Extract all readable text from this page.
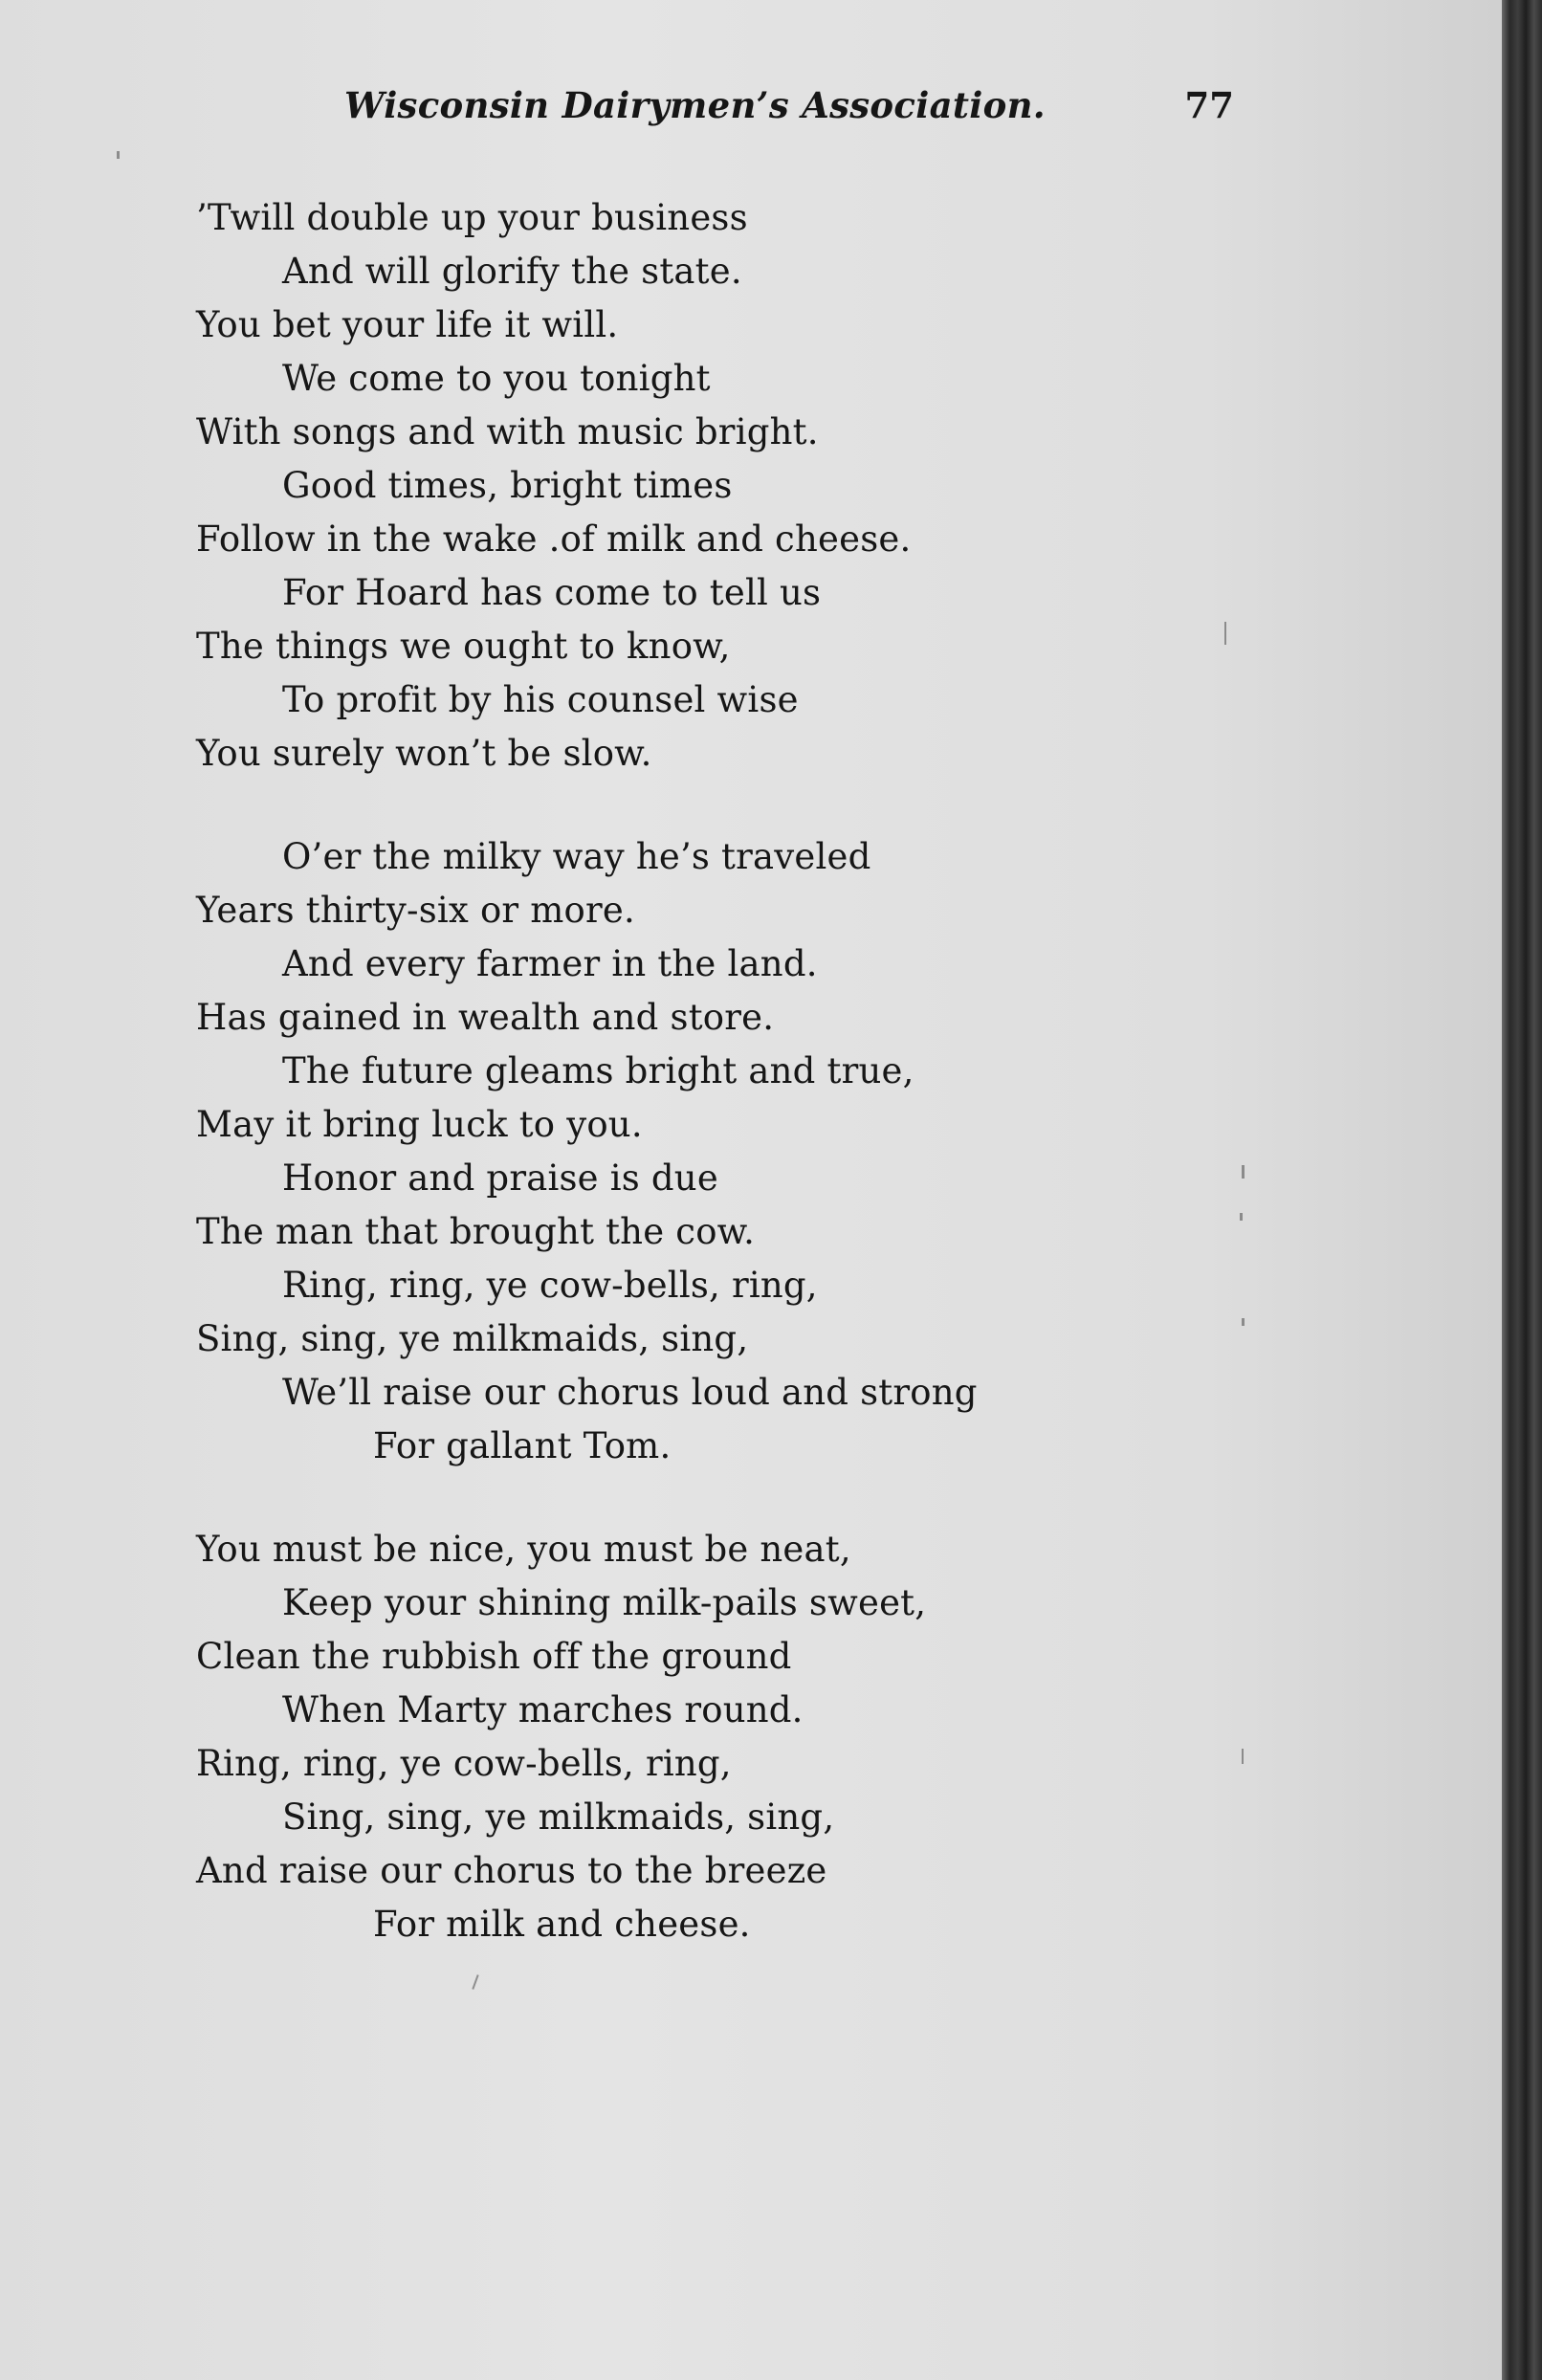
Wisconsin Dairymen’s Association.	77
’Twill double up your business
And will glorify the state.
You bet your life it will.
We come to you tonight
With songs and with music bright.
Good times, bright times
Follow in the wake .of milk and cheese.
For Hoard has come to tell us
The things we ought to know,
To profit by his counsel wise
You surely won’t be slow.
O’er the milky way he’s traveled
Years thirty-six or more.
And every farmer in the land.
Has gained in wealth and store.
The future gleams bright and true,
May it bring luck to you.
Honor and praise is due
The man that brought the cow.
Ring, ring, ye cow-bells, ring,
Sing, sing, ye milkmaids, sing,
We’ll raise our chorus loud and strong
For gallant Tom.
You must be nice, you must be neat,
Keep your shining milk-pails sweet,
Clean the rubbish off the ground
When Marty marches round.
Ring, ring, ye cow-bells, ring,
Sing, sing, ye milkmaids, sing,
And raise our chorus to the breeze
For milk and cheese.
